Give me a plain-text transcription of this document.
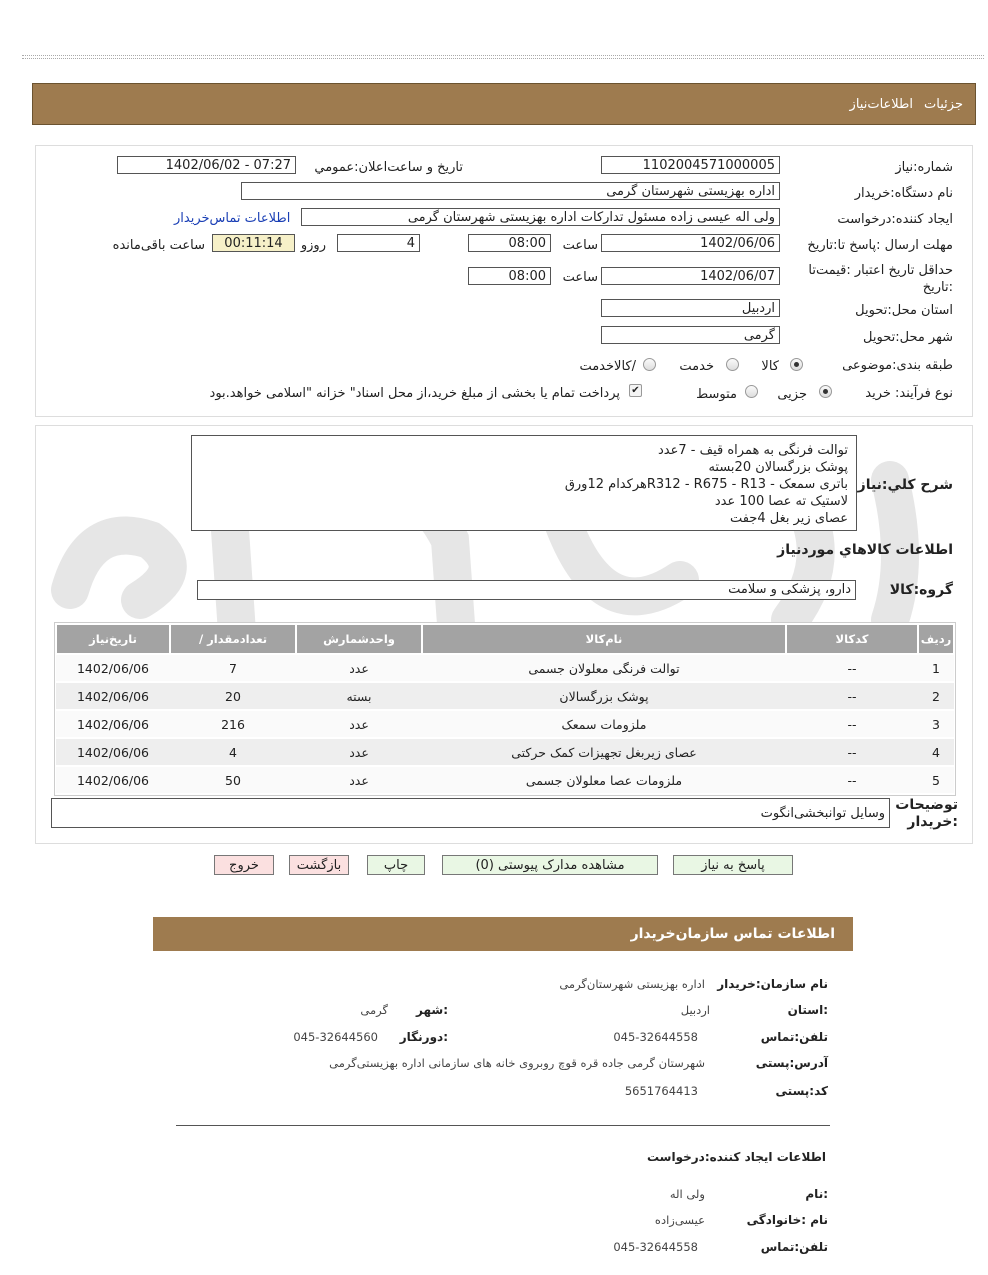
جزئیات
اطلاعات‌نیاز
شماره:نیاز
1102004571000005
تاریخ و ساعت‌اعلان:عمومي
1402/06/02 - 07:27
نام دستگاه:خریدار
اداره بهزیستی شهرستان گرمی
ایجاد کننده:درخواست
ولی اله عیسی زاده مسئول تدارکات اداره بهزیستی شهرستان گرمی
اطلاعات تماس‌خریدار
مهلت ارسال :پاسخ تا:تاریخ
1402/06/06
ساعت
08:00
4
روزو
00:11:14
ساعت باقی‌مانده
حداقل تاریخ اعتبار :قیمت‌تا :تاریخ
1402/06/07
ساعت
08:00
استان محل:تحویل
اردبیل
شهر محل:تحویل
گرمی
طبقه بندی:موضوعی
کالا
خدمت
/کالاخدمت
نوع فرآیند: خرید
جزیی
متوسط
✔
پرداخت تمام یا بخشی از مبلغ خرید،از محل اسناد" خزانه "اسلامی خواهد.بود
شرح کلي:نیاز
توالت فرنگی به همراه قیف - 7عدد
پوشک بزرگسالان 20بسته
باتری سمعک - R312 - R675 - R13هرکدام 12ورق
لاستیک ته عصا 100 عدد
عصای زیر بغل 4جفت
اطلاعات کالاهاي موردنیاز
گروه:کالا
دارو، پزشکی و سلامت
ردیف	کدکالا	نام‌کالا	واحدشمارش	تعدادمقدار /	تاریخ‌نیاز
1	--	توالت فرنگی معلولان جسمی	عدد	7	1402/06/06
2	--	پوشک بزرگسالان	بسته	20	1402/06/06
3	--	ملزومات سمعک	عدد	216	1402/06/06
4	--	عصای زیربغل تجهیزات کمک حرکتی	عدد	4	1402/06/06
5	--	ملزومات عصا معلولان جسمی	عدد	50	1402/06/06
توضیحات :خریدار
وسایل توانبخشی‌انگوت
پاسخ به نیاز
مشاهده مدارک پیوستی (0)
چاپ
بازگشت
خروج
اطلاعات تماس سازمان‌خریدار
نام سازمان:خریدار
اداره بهزیستی شهرستان‌گرمی
:استان
اردبیل
:شهر
گرمی
تلفن:تماس
045-32644558
:دورنگار
045-32644560
آدرس:پستی
شهرستان گرمی جاده قره قوچ روبروی خانه های سازمانی اداره بهزیستی‌گرمی
کد:پستی
5651764413
اطلاعات ایجاد کننده:درخواست
:نام
ولی اله
نام :خانوادگی
عیسی‌زاده
تلفن:تماس
045-32644558
